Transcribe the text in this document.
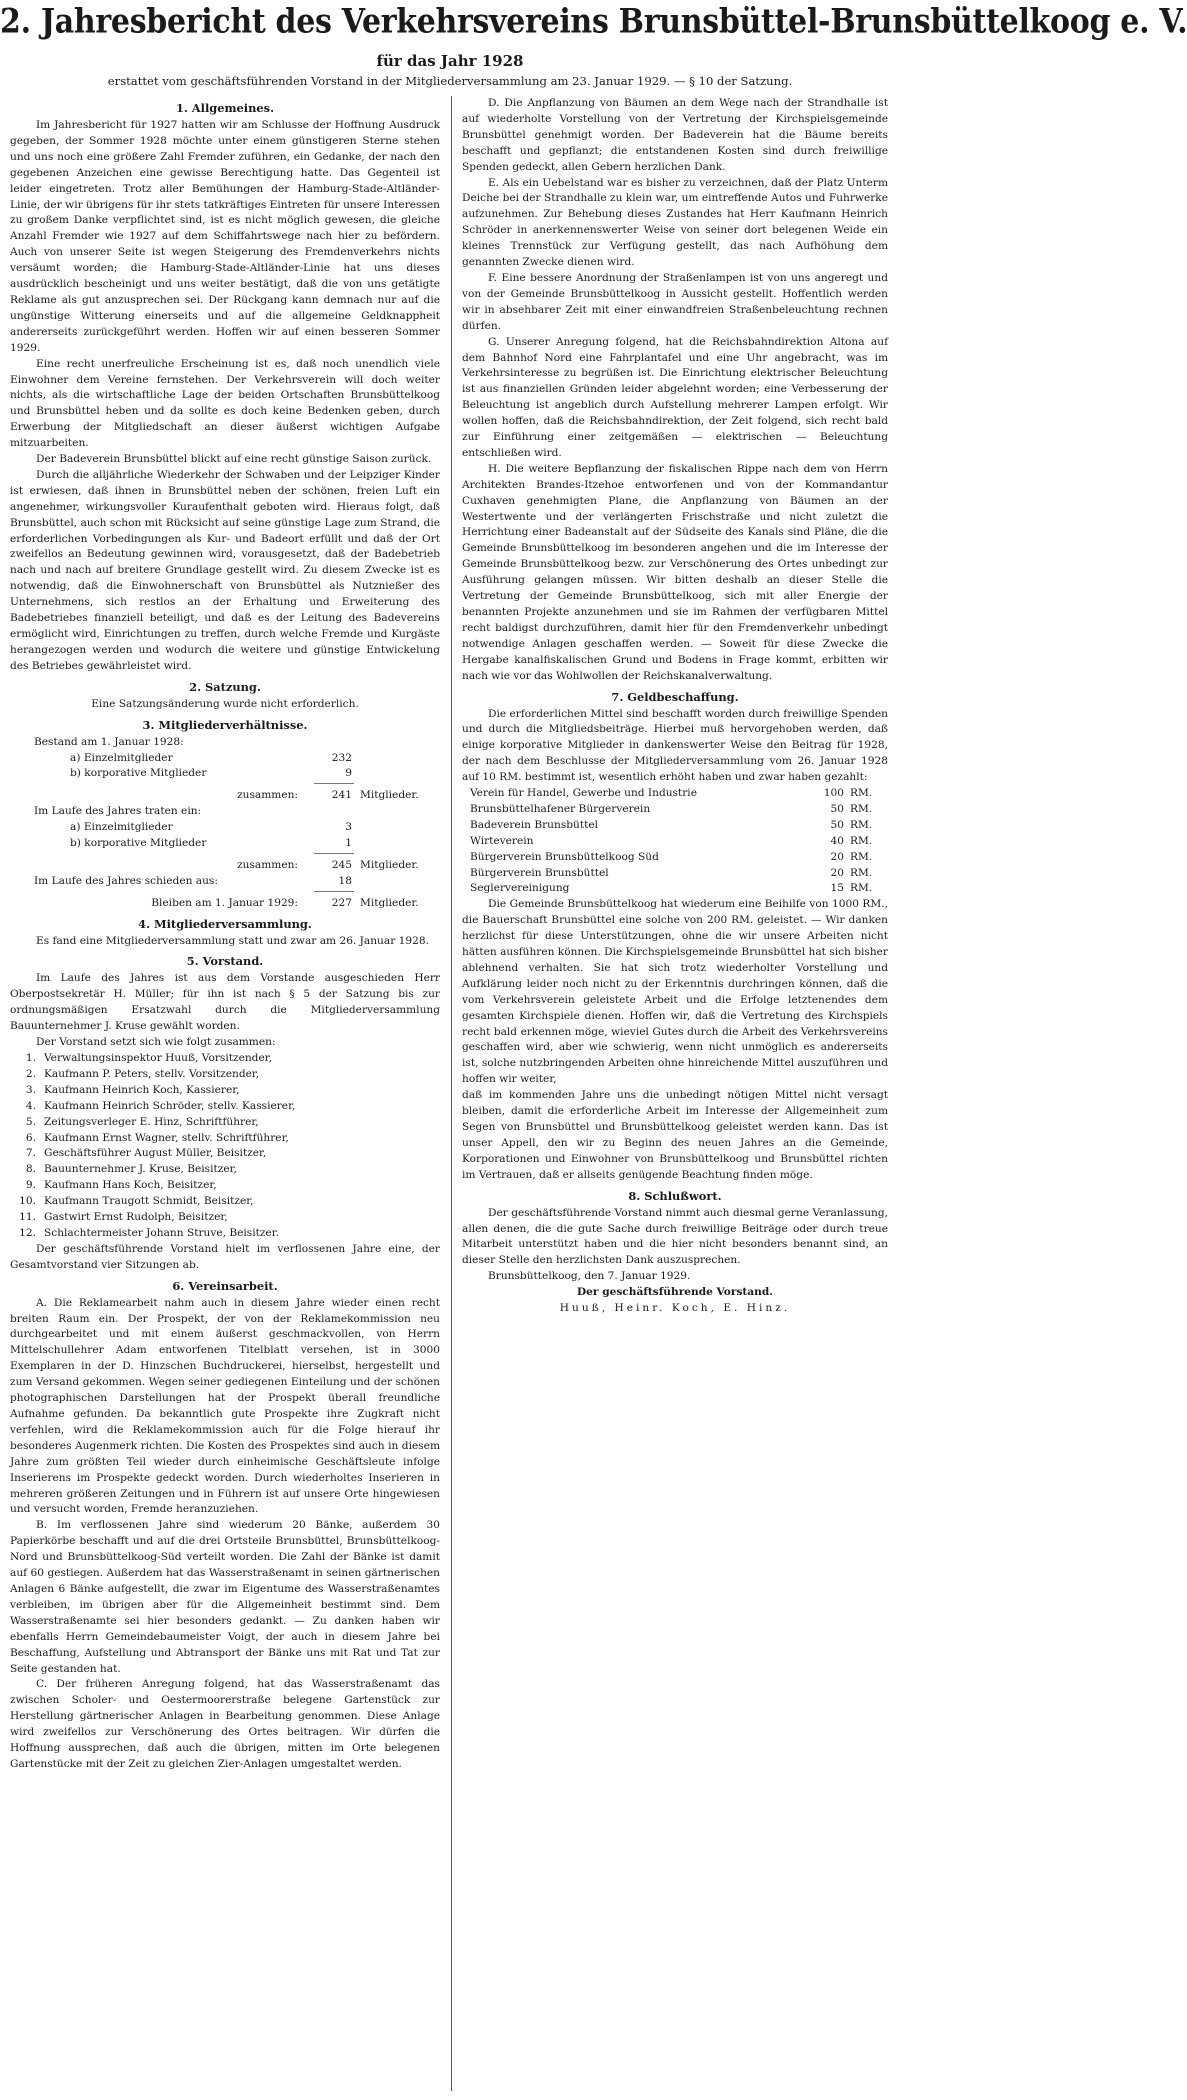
2. Jahresbericht des Verkehrsvereins Brunsbüttel-Brunsbüttelkoog e. V.
für das Jahr 1928
erstattet vom geschäftsführenden Vorstand in der Mitgliederversammlung am 23. Januar 1929. — § 10 der Satzung.
1. Allgemeines.

Im Jahresbericht für 1927 hatten wir am Schlusse der Hoffnung Ausdruck gegeben, der Sommer 1928 möchte unter einem günstigeren Sterne stehen und uns noch eine größere Zahl Fremder zuführen, ein Gedanke, der nach den gegebenen Anzeichen eine gewisse Berechtigung hatte. Das Gegenteil ist leider eingetreten. Trotz aller Bemühungen der Hamburg-Stade-Altländer-Linie, der wir übrigens für ihr stets tatkräftiges Eintreten für unsere Interessen zu großem Danke verpflichtet sind, ist es nicht möglich gewesen, die gleiche Anzahl Fremder wie 1927 auf dem Schiffahrtswege nach hier zu befördern. Auch von unserer Seite ist wegen Steigerung des Fremdenverkehrs nichts versäumt worden; die Hamburg-Stade-Altländer-Linie hat uns dieses ausdrücklich bescheinigt und uns weiter bestätigt, daß die von uns getätigte Reklame als gut anzusprechen sei. Der Rückgang kann demnach nur auf die ungünstige Witterung einerseits und auf die allgemeine Geldknappheit andererseits zurückgeführt werden. Hoffen wir auf einen besseren Sommer 1929.

Eine recht unerfreuliche Erscheinung ist es, daß noch unendlich viele Einwohner dem Vereine fernstehen. Der Verkehrsverein will doch weiter nichts, als die wirtschaftliche Lage der beiden Ortschaften Brunsbüttelkoog und Brunsbüttel heben und da sollte es doch keine Bedenken geben, durch Erwerbung der Mitgliedschaft an dieser äußerst wichtigen Aufgabe mitzuarbeiten.

Der Badeverein Brunsbüttel blickt auf eine recht günstige Saison zurück.

Durch die alljährliche Wiederkehr der Schwaben und der Leipziger Kinder ist erwiesen, daß ihnen in Brunsbüttel neben der schönen, freien Luft ein angenehmer, wirkungsvoller Kuraufenthalt geboten wird. Hieraus folgt, daß Brunsbüttel, auch schon mit Rücksicht auf seine günstige Lage zum Strand, die erforderlichen Vorbedingungen als Kur- und Badeort erfüllt und daß der Ort zweifellos an Bedeutung gewinnen wird, vorausgesetzt, daß der Badebetrieb nach und nach auf breitere Grundlage gestellt wird. Zu diesem Zwecke ist es notwendig, daß die Einwohnerschaft von Brunsbüttel als Nutznießer des Unternehmens, sich restlos an der Erhaltung und Erweiterung des Badebetriebes finanziell beteiligt, und daß es der Leitung des Badevereins ermöglicht wird, Einrichtungen zu treffen, durch welche Fremde und Kurgäste herangezogen werden und wodurch die weitere und günstige Entwickelung des Betriebes gewährleistet wird.

2. Satzung.

Eine Satzungsänderung wurde nicht erforderlich.

3. Mitgliederverhältnisse.
Bestand am 1. Januar 1928:
a) Einzelmitglieder	232
b) korporative Mitglieder	9
zusammen:	241 Mitglieder.
Im Laufe des Jahres traten ein:
a) Einzelmitglieder	3
b) korporative Mitglieder	1
zusammen:	245 Mitglieder.
Im Laufe des Jahres schieden aus:	18
Bleiben am 1. Januar 1929:	227 Mitglieder.
4. Mitgliederversammlung.

Es fand eine Mitgliederversammlung statt und zwar am 26. Januar 1928.

5. Vorstand.

Im Laufe des Jahres ist aus dem Vorstande ausgeschieden Herr Oberpostsekretär H. Müller; für ihn ist nach § 5 der Satzung bis zur ordnungsmäßigen Ersatzwahl durch die Mitgliederversammlung Bauunternehmer J. Kruse gewählt worden.

Der Vorstand setzt sich wie folgt zusammen:

1. Verwaltungsinspektor Huuß, Vorsitzender,
2. Kaufmann P. Peters, stellv. Vorsitzender,
3. Kaufmann Heinrich Koch, Kassierer,
4. Kaufmann Heinrich Schröder, stellv. Kassierer,
5. Zeitungsverleger E. Hinz, Schriftführer,
6. Kaufmann Ernst Wagner, stellv. Schriftführer,
7. Geschäftsführer August Müller, Beisitzer,
8. Bauunternehmer J. Kruse, Beisitzer,
9. Kaufmann Hans Koch, Beisitzer,
10. Kaufmann Traugott Schmidt, Beisitzer,
11. Gastwirt Ernst Rudolph, Beisitzer,
12. Schlachtermeister Johann Struve, Beisitzer.

Der geschäftsführende Vorstand hielt im verflossenen Jahre eine, der Gesamtvorstand vier Sitzungen ab.

6. Vereinsarbeit.

A. Die Reklamearbeit nahm auch in diesem Jahre wieder einen recht breiten Raum ein. Der Prospekt, der von der Reklamekommission neu durchgearbeitet und mit einem äußerst geschmackvollen, von Herrn Mittelschullehrer Adam entworfenen Titelblatt versehen, ist in 3000 Exemplaren in der D. Hinzschen Buchdruckerei, hierselbst, hergestellt und zum Versand gekommen. Wegen seiner gediegenen Einteilung und der schönen photographischen Darstellungen hat der Prospekt überall freundliche Aufnahme gefunden. Da bekanntlich gute Prospekte ihre Zugkraft nicht verfehlen, wird die Reklamekommission auch für die Folge hierauf ihr besonderes Augenmerk richten. Die Kosten des Prospektes sind auch in diesem Jahre zum größten Teil wieder durch einheimische Geschäftsleute infolge Inserierens im Prospekte gedeckt worden. Durch wiederholtes Inserieren in mehreren größeren Zeitungen und in Führern ist auf unsere Orte hingewiesen und versucht worden, Fremde heranzuziehen.

B. Im verflossenen Jahre sind wiederum 20 Bänke, außerdem 30 Papierkörbe beschafft und auf die drei Ortsteile Brunsbüttel, Brunsbüttelkoog-Nord und Brunsbüttelkoog-Süd verteilt worden. Die Zahl der Bänke ist damit auf 60 gestiegen. Außerdem hat das Wasserstraßenamt in seinen gärtnerischen Anlagen 6 Bänke aufgestellt, die zwar im Eigentume des Wasserstraßenamtes verbleiben, im übrigen aber für die Allgemeinheit bestimmt sind. Dem Wasserstraßenamte sei hier besonders gedankt. — Zu danken haben wir ebenfalls Herrn Gemeindebaumeister Voigt, der auch in diesem Jahre bei Beschaffung, Aufstellung und Abtransport der Bänke uns mit Rat und Tat zur Seite gestanden hat.

C. Der früheren Anregung folgend, hat das Wasserstraßenamt das zwischen Scholer- und Oestermoorerstraße belegene Gartenstück zur Herstellung gärtnerischer Anlagen in Bearbeitung genommen. Diese Anlage wird zweifellos zur Verschönerung des Ortes beitragen. Wir dürfen die Hoffnung aussprechen, daß auch die übrigen, mitten im Orte belegenen Gartenstücke mit der Zeit zu gleichen Zier-Anlagen umgestaltet werden.

D. Die Anpflanzung von Bäumen an dem Wege nach der Strandhalle ist auf wiederholte Vorstellung von der Vertretung der Kirchspielsgemeinde Brunsbüttel genehmigt worden. Der Badeverein hat die Bäume bereits beschafft und gepflanzt; die entstandenen Kosten sind durch freiwillige Spenden gedeckt, allen Gebern herzlichen Dank.

E. Als ein Uebelstand war es bisher zu verzeichnen, daß der Platz Unterm Deiche bei der Strandhalle zu klein war, um eintreffende Autos und Fuhrwerke aufzunehmen. Zur Behebung dieses Zustandes hat Herr Kaufmann Heinrich Schröder in anerkennenswerter Weise von seiner dort belegenen Weide ein kleines Trennstück zur Verfügung gestellt, das nach Aufhöhung dem genannten Zwecke dienen wird.

F. Eine bessere Anordnung der Straßenlampen ist von uns angeregt und von der Gemeinde Brunsbüttelkoog in Aussicht gestellt. Hoffentlich werden wir in absehbarer Zeit mit einer einwandfreien Straßenbeleuchtung rechnen dürfen.

G. Unserer Anregung folgend, hat die Reichsbahndirektion Altona auf dem Bahnhof Nord eine Fahrplantafel und eine Uhr angebracht, was im Verkehrsinteresse zu begrüßen ist. Die Einrichtung elektrischer Beleuchtung ist aus finanziellen Gründen leider abgelehnt worden; eine Verbesserung der Beleuchtung ist angeblich durch Aufstellung mehrerer Lampen erfolgt. Wir wollen hoffen, daß die Reichsbahndirektion, der Zeit folgend, sich recht bald zur Einführung einer zeitgemäßen — elektrischen — Beleuchtung entschließen wird.

H. Die weitere Bepflanzung der fiskalischen Rippe nach dem von Herrn Architekten Brandes-Itzehoe entworfenen und von der Kommandantur Cuxhaven genehmigten Plane, die Anpflanzung von Bäumen an der Westertwente und der verlängerten Frischstraße und nicht zuletzt die Herrichtung einer Badeanstalt auf der Südseite des Kanals sind Pläne, die die Gemeinde Brunsbüttelkoog im besonderen angehen und die im Interesse der Gemeinde Brunsbüttelkoog bezw. zur Verschönerung des Ortes unbedingt zur Ausführung gelangen müssen. Wir bitten deshalb an dieser Stelle die Vertretung der Gemeinde Brunsbüttelkoog, sich mit aller Energie der benannten Projekte anzunehmen und sie im Rahmen der verfügbaren Mittel recht baldigst durchzuführen, damit hier für den Fremdenverkehr unbedingt notwendige Anlagen geschaffen werden. — Soweit für diese Zwecke die Hergabe kanalfiskalischen Grund und Bodens in Frage kommt, erbitten wir nach wie vor das Wohlwollen der Reichskanalverwaltung.

7. Geldbeschaffung.

Die erforderlichen Mittel sind beschafft worden durch freiwillige Spenden und durch die Mitgliedsbeiträge. Hierbei muß hervorgehoben werden, daß einige korporative Mitglieder in dankenswerter Weise den Beitrag für 1928, der nach dem Beschlusse der Mitgliederversammlung vom 26. Januar 1928 auf 10 RM. bestimmt ist, wesentlich erhöht haben und zwar haben gezahlt:

Verein für Handel, Gewerbe und Industrie	100 RM.
Brunsbüttelhafener Bürgerverein	50 RM.
Badeverein Brunsbüttel	50 RM.
Wirteverein	40 RM.
Bürgerverein Brunsbüttelkoog Süd	20 RM.
Bürgerverein Brunsbüttel	20 RM.
Seglervereinigung	15 RM.

Die Gemeinde Brunsbüttelkoog hat wiederum eine Beihilfe von 1000 RM., die Bauerschaft Brunsbüttel eine solche von 200 RM. geleistet. — Wir danken herzlichst für diese Unterstützungen, ohne die wir unsere Arbeiten nicht hätten ausführen können. Die Kirchspielsgemeinde Brunsbüttel hat sich bisher ablehnend verhalten. Sie hat sich trotz wiederholter Vorstellung und Aufklärung leider noch nicht zu der Erkenntnis durchringen können, daß die vom Verkehrsverein geleistete Arbeit und die Erfolge letztenendes dem gesamten Kirchspiele dienen. Hoffen wir, daß die Vertretung des Kirchspiels recht bald erkennen möge, wieviel Gutes durch die Arbeit des Verkehrsvereins geschaffen wird, aber wie schwierig, wenn nicht unmöglich es andererseits ist, solche nutzbringenden Arbeiten ohne hinreichende Mittel auszuführen und hoffen wir weiter,

daß im kommenden Jahre uns die unbedingt nötigen Mittel nicht versagt bleiben, damit die erforderliche Arbeit im Interesse der Allgemeinheit zum Segen von Brunsbüttel und Brunsbüttelkoog geleistet werden kann. Das ist unser Appell, den wir zu Beginn des neuen Jahres an die Gemeinde, Korporationen und Einwohner von Brunsbüttelkoog und Brunsbüttel richten im Vertrauen, daß er allseits genügende Beachtung finden möge.

8. Schlußwort.

Der geschäftsführende Vorstand nimmt auch diesmal gerne Veranlassung, allen denen, die die gute Sache durch freiwillige Beiträge oder durch treue Mitarbeit unterstützt haben und die hier nicht besonders benannt sind, an dieser Stelle den herzlichsten Dank auszusprechen.

Brunsbüttelkoog, den 7. Januar 1929.
Der geschäftsführende Vorstand.
Huuß, Heinr. Koch, E. Hinz.
